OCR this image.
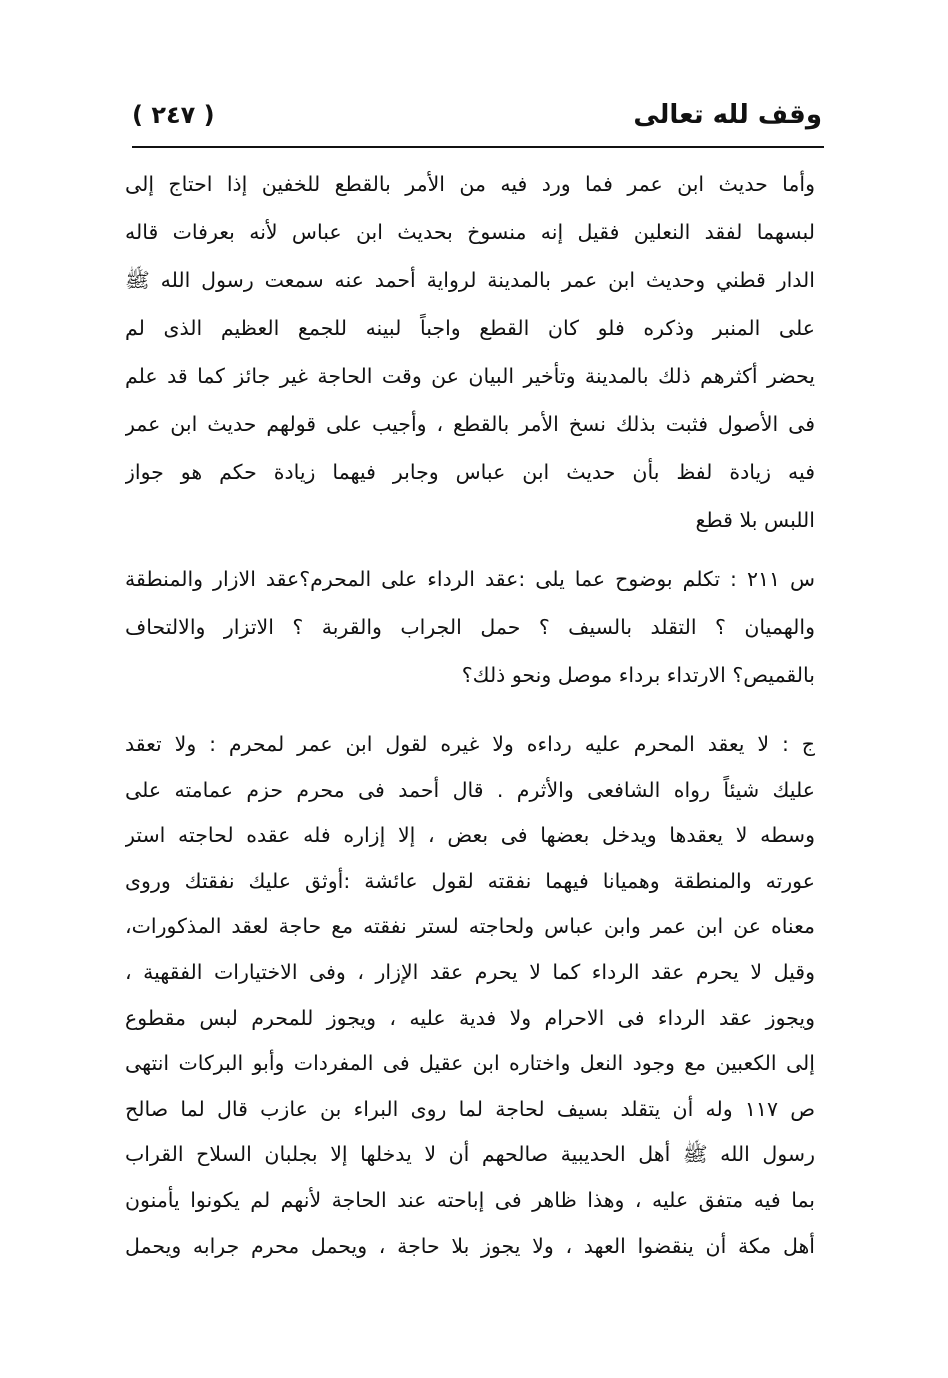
وقف لله تعالى
( ٢٤٧ )
وأما حديث ابن عمر فما ورد فيه من الأمر بالقطع للخفين إذا احتاج إلى
لبسهما لفقد النعلين فقيل إنه منسوخ بحديث ابن عباس لأنه بعرفات قاله
الدار قطني وحديث ابن عمر بالمدينة لرواية أحمد عنه سمعت رسول الله ﷺ
على المنبر وذكره فلو كان القطع واجباً لبينه للجمع العظيم الذى لم
يحضر أكثرهم ذلك بالمدينة وتأخير البيان عن وقت الحاجة غير جائز كما قد علم
فى الأصول فثبت بذلك نسخ الأمر بالقطع ، وأجيب على قولهم حديث ابن عمر
فيه زيادة لفظ بأن حديث ابن عباس وجابر فيهما زيادة حكم هو جواز
اللبس بلا قطع
س ٢١١ : تكلم بوضوح عما يلى :عقد الرداء على المحرم؟عقد الازار والمنطقة
والهميان ؟ التقلد بالسيف ؟ حمل الجراب والقربة ؟ الاتزار والالتحاف
بالقميص؟ الارتداء برداء موصل ونحو ذلك؟
ج : لا يعقد المحرم عليه رداءه ولا غيره لقول ابن عمر لمحرم : ولا تعقد
عليك شيئاً رواه الشافعى والأثرم . قال أحمد فى محرم حزم عمامته على
وسطه لا يعقدها ويدخل بعضها فى بعض ، إلا إزاره فله عقده لحاجته استر
عورته والمنطقة وهميانا فيهما نفقته لقول عائشة :أوثق عليك نفقتك وروى
معناه عن ابن عمر وابن عباس ولحاجته لستر نفقته مع حاجة لعقد المذكورات،
وقيل لا يحرم عقد الرداء كما لا يحرم عقد الإزار ، وفى الاختيارات الفقهية ،
ويجوز عقد الرداء فى الاحرام ولا فدية عليه ، ويجوز للمحرم لبس مقطوع
إلى الكعبين مع وجود النعل واختاره ابن عقيل فى المفردات وأبو البركات انتهى
ص ١١٧ وله أن يتقلد بسيف لحاجة لما روى البراء بن عازب قال لما صالح
رسول الله ﷺ أهل الحديبية صالحهم أن لا يدخلها إلا بجلبان السلاح القراب
بما فيه متفق عليه ، وهذا ظاهر فى إباحته عند الحاجة لأنهم لم يكونوا يأمنون
أهل مكة أن ينقضوا العهد ، ولا يجوز بلا حاجة ، ويحمل محرم جرابه ويحمل
